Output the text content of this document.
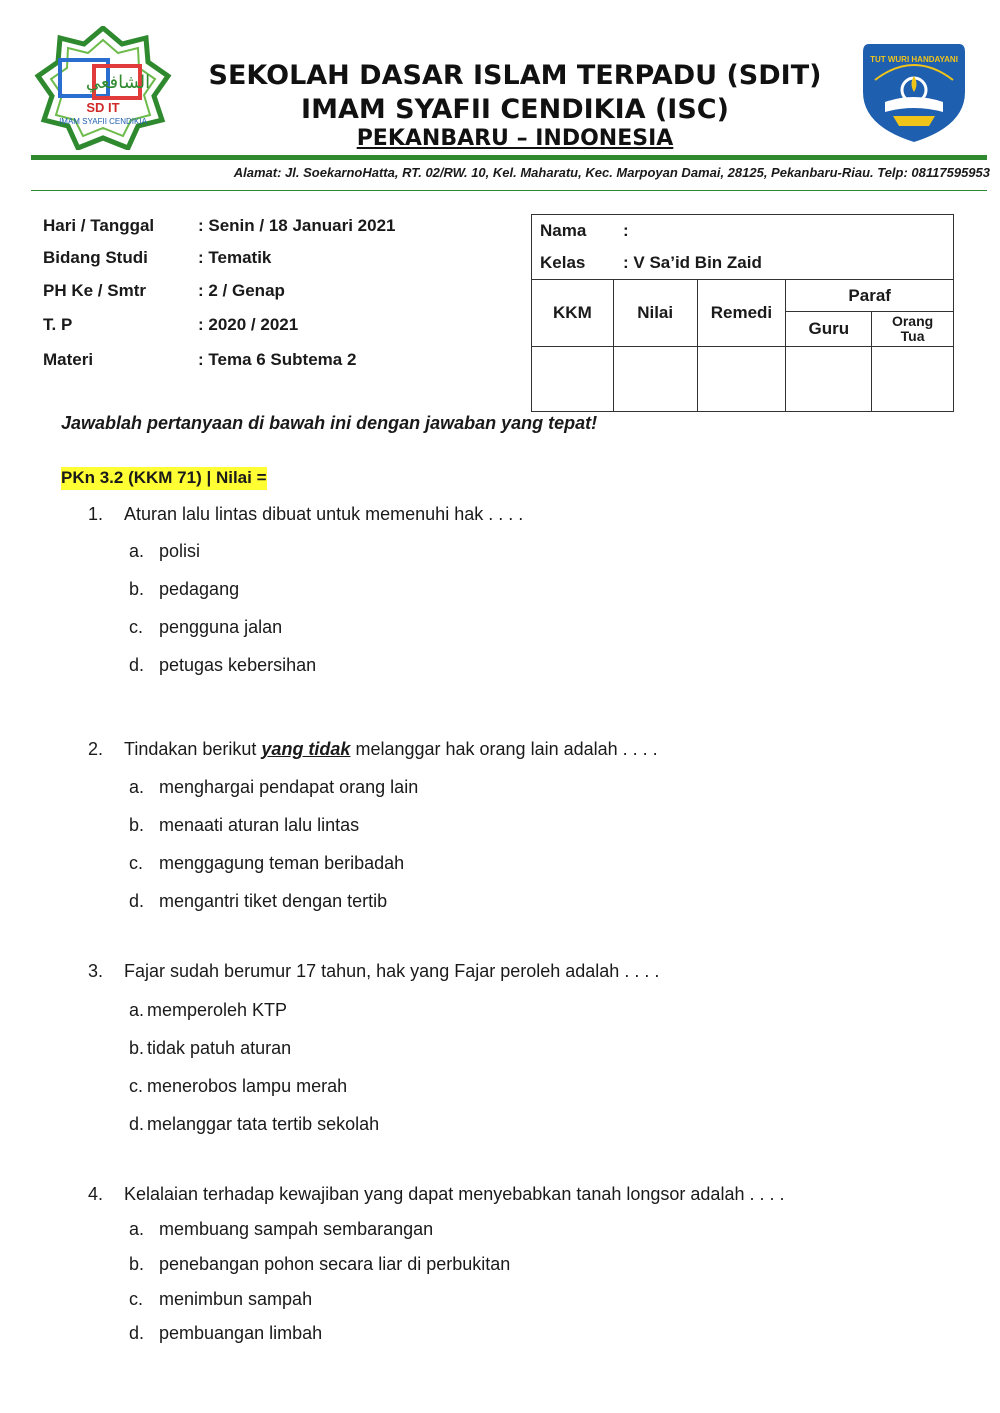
الشافعي
SD IT
IMAM SYAFII CENDIKIA
TUT WURI HANDAYANI
SEKOLAH DASAR ISLAM TERPADU (SDIT)
IMAM SYAFII CENDIKIA (ISC)
PEKANBARU – INDONESIA
Alamat: Jl. SoekarnoHatta, RT. 02/RW. 10, Kel. Maharatu, Kec. Marpoyan Damai, 28125, Pekanbaru-Riau. Telp: 08117595953
Hari / Tanggal	: Senin / 18 Januari 2021
Bidang Studi	: Tematik
PH Ke / Smtr	: 2 / Genap
T. P	: 2020 / 2021
Materi	: Tema 6 Subtema 2
Nama :				
Kelas : V Sa’id Bin Zaid				
KKM	Nilai	Remedi	Paraf	
			Guru	Orang
Tua

Jawablah pertanyaan di bawah ini dengan jawaban yang tepat!
PKn 3.2 (KKM 71) | Nilai =
1. Aturan lalu lintas dibuat untuk memenuhi hak . . . .
a. polisi
b. pedagang
c. pengguna jalan
d. petugas kebersihan
2. Tindakan berikut yang tidak melanggar hak orang lain adalah . . . .
a. menghargai pendapat orang lain
b. menaati aturan lalu lintas
c. menggagung teman beribadah
d. mengantri tiket dengan tertib
3. Fajar sudah berumur 17 tahun, hak yang Fajar peroleh adalah . . . .
a. memperoleh KTP
b. tidak patuh aturan
c. menerobos lampu merah
d. melanggar tata tertib sekolah
4. Kelalaian terhadap kewajiban yang dapat menyebabkan tanah longsor adalah . . . .
a. membuang sampah sembarangan
b. penebangan pohon secara liar di perbukitan
c. menimbun sampah
d. pembuangan limbah
